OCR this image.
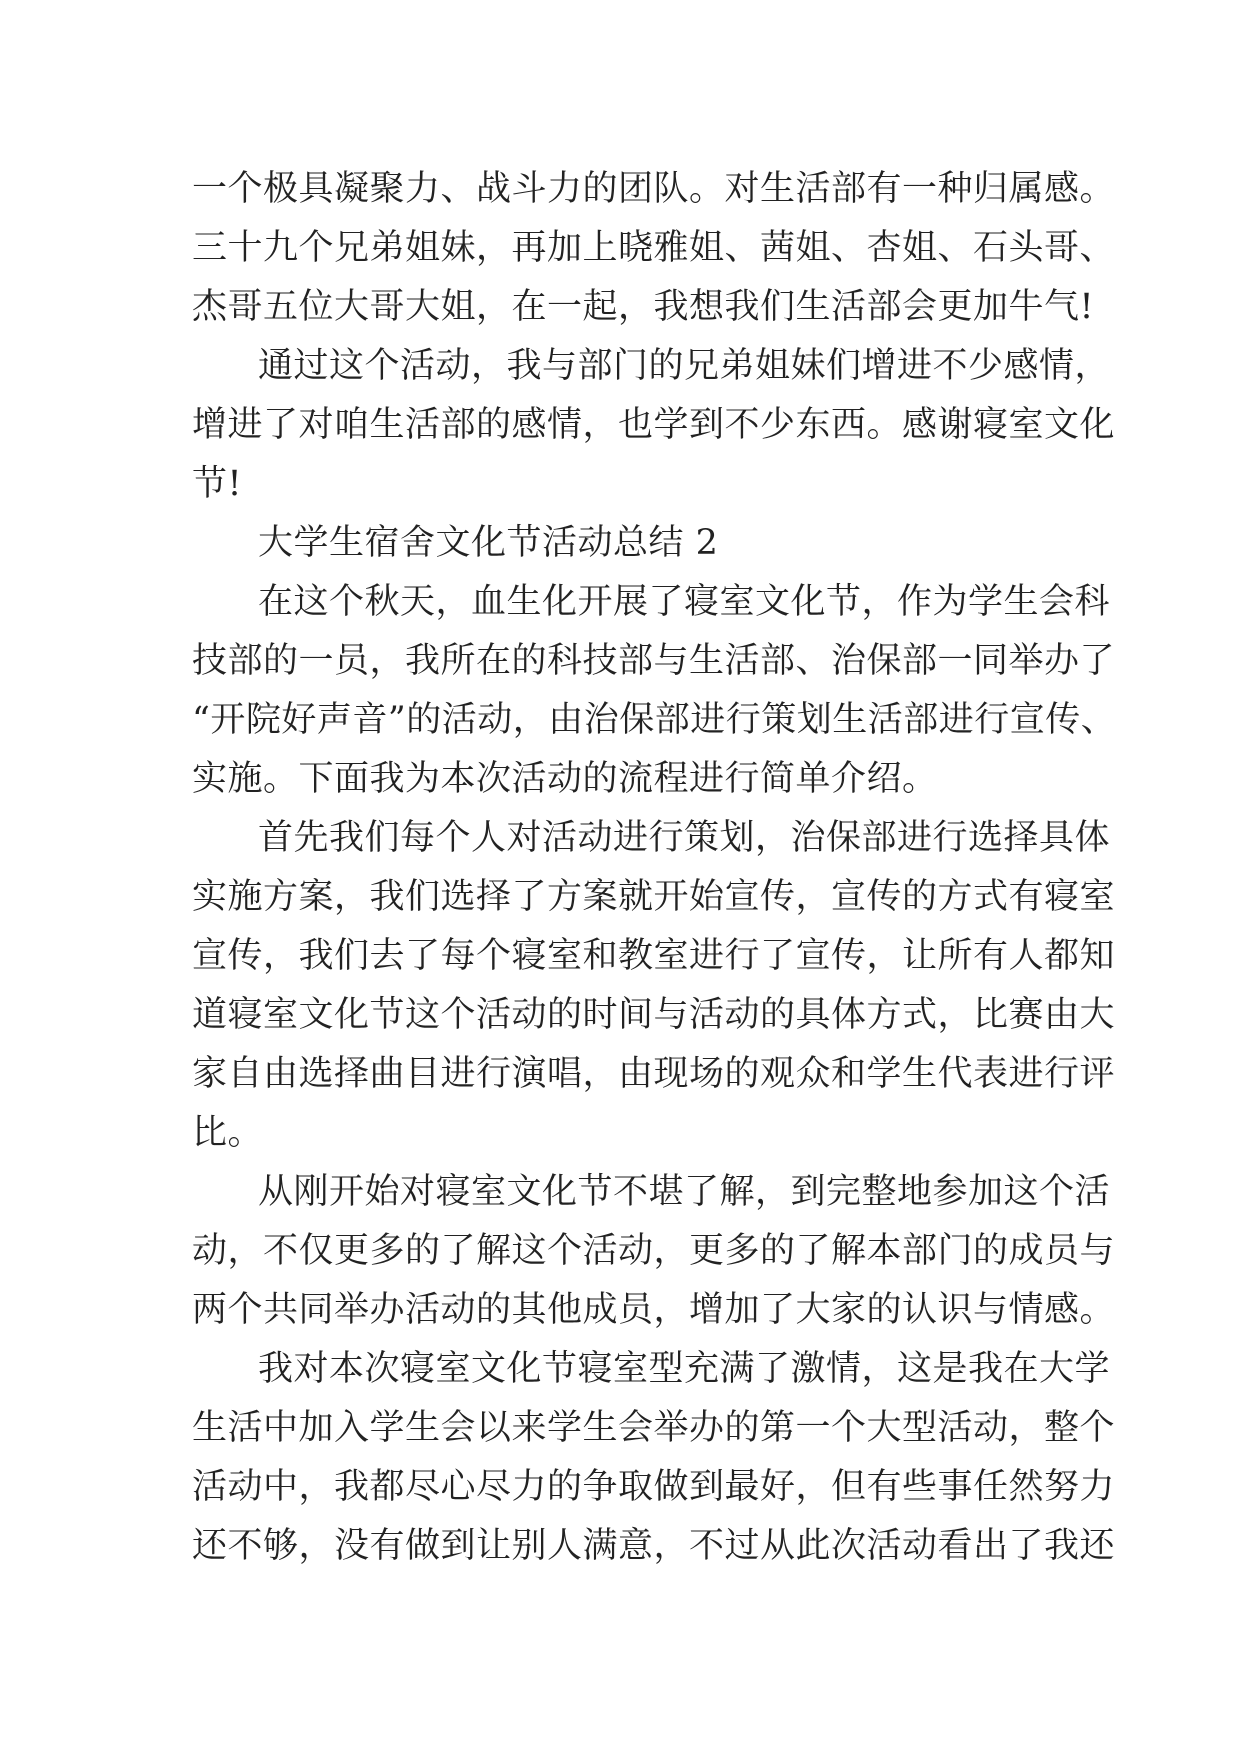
一个极具凝聚力、战斗力的团队。对生活部有一种归属感。
三十九个兄弟姐妹，再加上晓雅姐、茜姐、杏姐、石头哥、
杰哥五位大哥大姐，在一起，我想我们生活部会更加牛气!
通过这个活动，我与部门的兄弟姐妹们增进不少感情，
增进了对咱生活部的感情，也学到不少东西。感谢寝室文化
节!
大学生宿舍文化节活动总结 2
在这个秋天，血生化开展了寝室文化节，作为学生会科
技部的一员，我所在的科技部与生活部、治保部一同举办了
“开院好声音”的活动，由治保部进行策划生活部进行宣传、
实施。下面我为本次活动的流程进行简单介绍。
首先我们每个人对活动进行策划，治保部进行选择具体
实施方案，我们选择了方案就开始宣传，宣传的方式有寝室
宣传，我们去了每个寝室和教室进行了宣传，让所有人都知
道寝室文化节这个活动的时间与活动的具体方式，比赛由大
家自由选择曲目进行演唱，由现场的观众和学生代表进行评
比。
从刚开始对寝室文化节不堪了解，到完整地参加这个活
动，不仅更多的了解这个活动，更多的了解本部门的成员与
两个共同举办活动的其他成员，增加了大家的认识与情感。
我对本次寝室文化节寝室型充满了激情，这是我在大学
生活中加入学生会以来学生会举办的第一个大型活动，整个
活动中，我都尽心尽力的争取做到最好，但有些事任然努力
还不够，没有做到让别人满意，不过从此次活动看出了我还
